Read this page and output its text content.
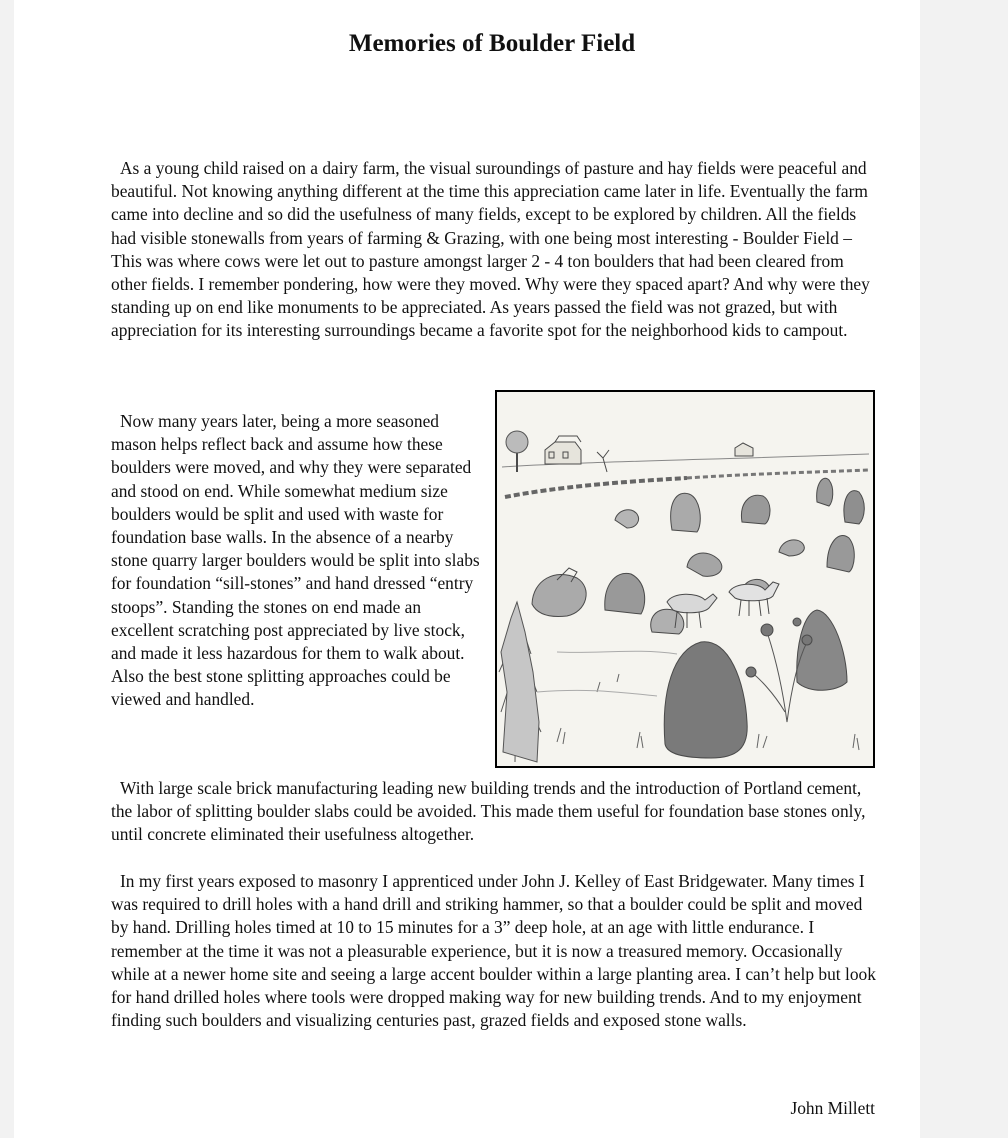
Memories of Boulder Field

As a young child raised on a dairy farm, the visual suroundings of pasture and hay fields were peaceful and beautiful. Not knowing anything different at the time this appreciation came later in life. Eventually the farm came into decline and so did the usefulness of many fields, except to be explored by children. All the fields had visible stonewalls from years of farming & Grazing, with one being most interesting - Boulder Field – This was where cows were let out to pasture amongst larger 2 - 4 ton boulders that had been cleared from other fields. I remember pondering, how were they moved. Why were they spaced apart? And why were they standing up on end like monuments to be appreciated. As years passed the field was not grazed, but with appreciation for its interesting surroundings became a favorite spot for the neighborhood kids to campout.

Now many years later, being a more seasoned mason helps reflect back and assume how these boulders were moved, and why they were separated and stood on end. While somewhat medium size boulders would be split and used with waste for foundation base walls. In the absence of a nearby stone quarry larger boulders would be split into slabs for foundation “sill-stones” and hand dressed “entry stoops”. Standing the stones on end made an excellent scratching post appreciated by live stock, and made it less hazardous for them to walk about. Also the best stone splitting approaches could be viewed and handled.

With large scale brick manufacturing leading new building trends and the introduction of Portland cement, the labor of splitting boulder slabs could be avoided. This made them useful for foundation base stones only, until concrete eliminated their usefulness altogether.

In my first years exposed to masonry I apprenticed under John J. Kelley of East Bridgewater. Many times I was required to drill holes with a hand drill and striking hammer, so that a boulder could be split and moved by hand. Drilling holes timed at 10 to 15 minutes for a 3” deep hole, at an age with little endurance. I remember at the time it was not a pleasurable experience, but it is now a treasured memory. Occasionally while at a newer home site and seeing a large accent boulder within a large planting area. I can’t help but look for hand drilled holes where tools were dropped making way for new building trends. And to my enjoyment finding such boulders and visualizing centuries past, grazed fields and exposed stone walls.

John Millett
